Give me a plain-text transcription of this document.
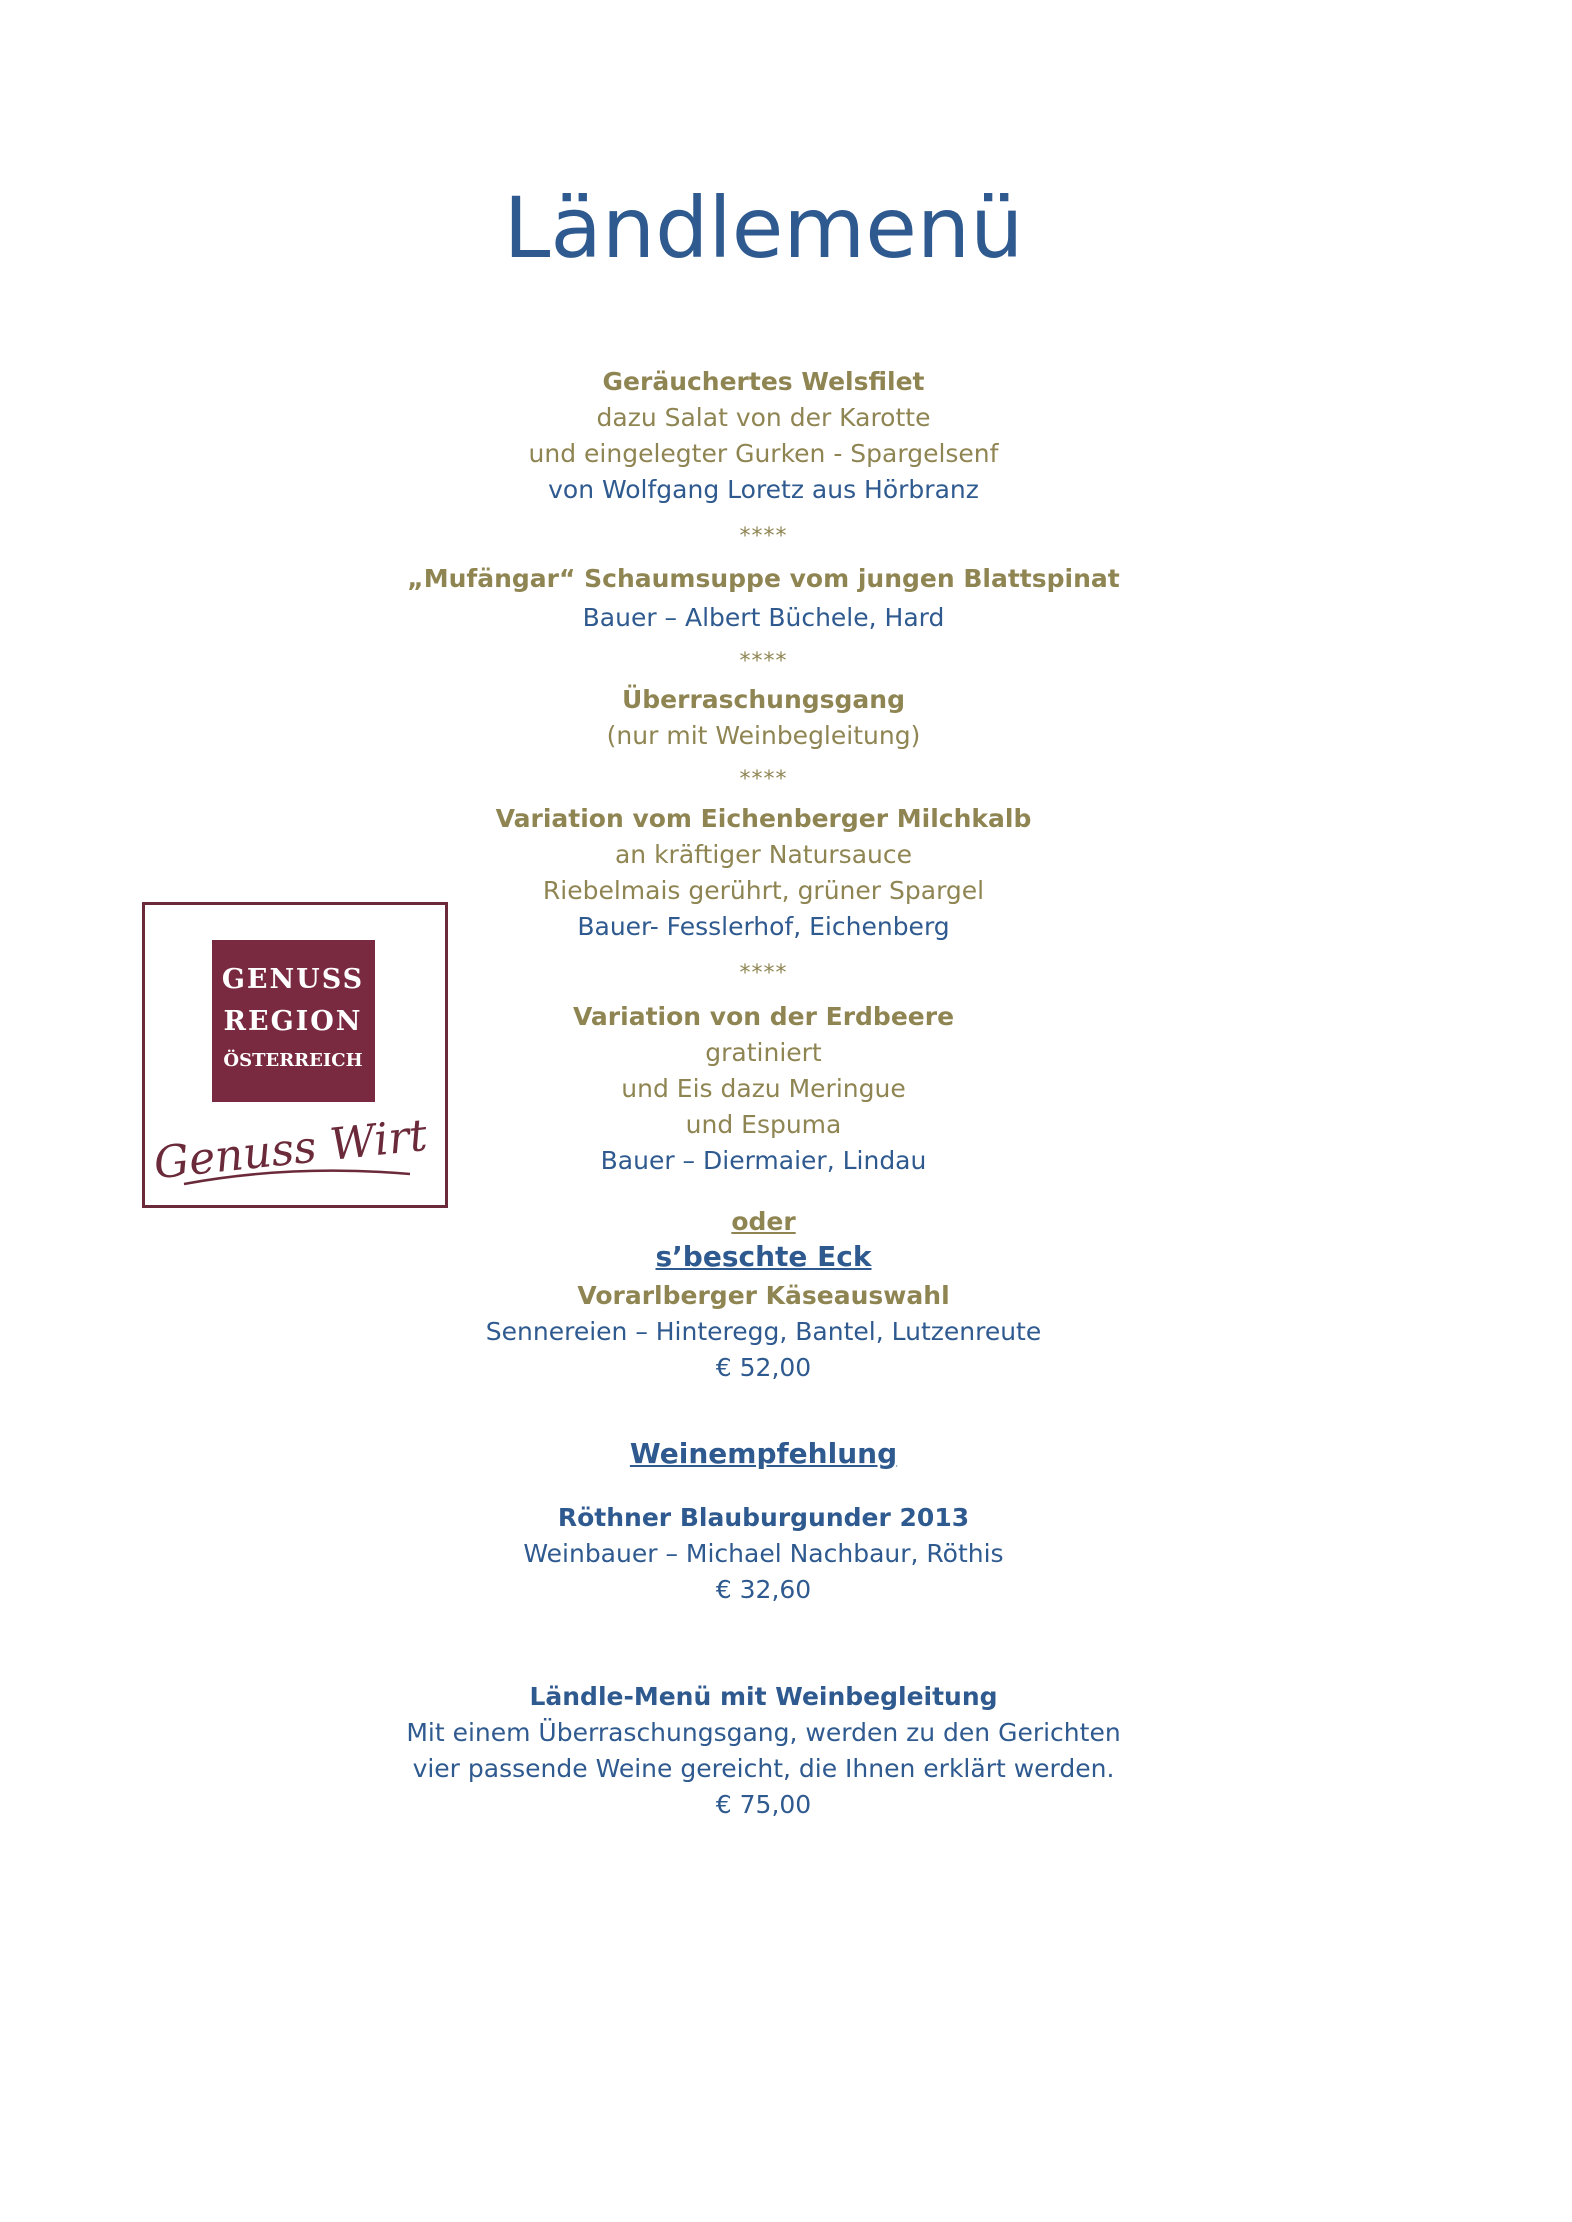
Ländlemenü
Geräuchertes Welsfilet
dazu Salat von der Karotte
und eingelegter Gurken - Spargelsenf
von Wolfgang Loretz aus Hörbranz
****
„Mufängar“ Schaumsuppe vom jungen Blattspinat
Bauer – Albert Büchele, Hard
****
Überraschungsgang
(nur mit Weinbegleitung)
****
Variation vom Eichenberger Milchkalb
an kräftiger Natursauce
Riebelmais gerührt, grüner Spargel
Bauer- Fesslerhof, Eichenberg
****
Variation von der Erdbeere
gratiniert
und Eis dazu Meringue
und Espuma
Bauer – Diermaier, Lindau
oder
s’beschte Eck
Vorarlberger Käseauswahl
Sennereien – Hinteregg, Bantel, Lutzenreute
€ 52,00
Weinempfehlung
Röthner Blauburgunder 2013
Weinbauer – Michael Nachbaur, Röthis
€ 32,60
Ländle-Menü mit Weinbegleitung
Mit einem Überraschungsgang, werden zu den Gerichten
vier passende Weine gereicht, die Ihnen erklärt werden.
€ 75,00
GENUSS
REGION
ÖSTERREICH
Genuss Wirt
